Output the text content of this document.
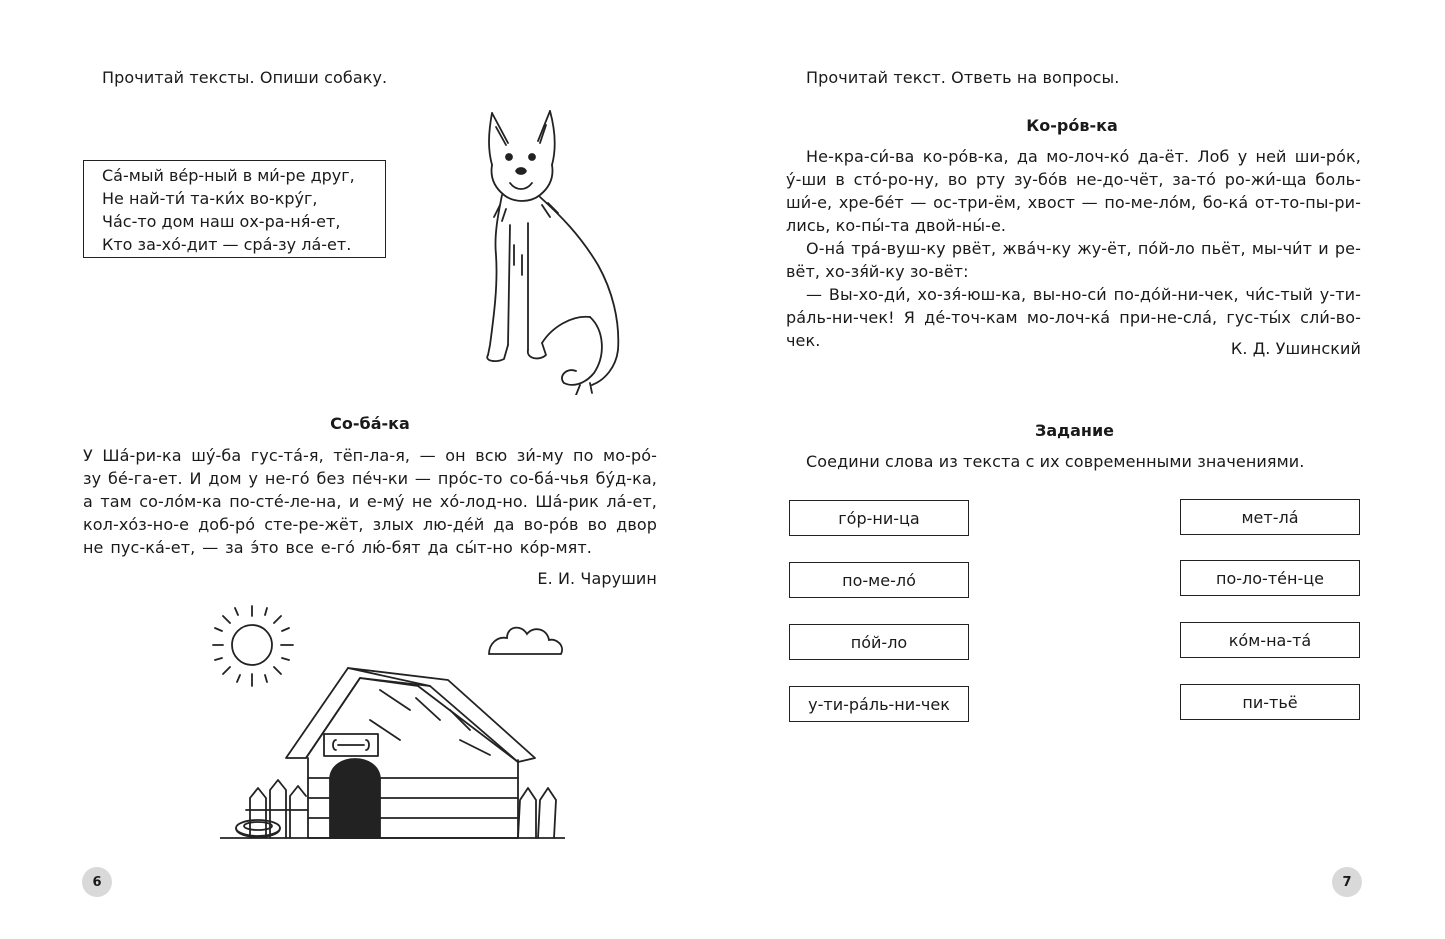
Прочитай тексты. Опиши собаку.
Са́-мый ве́р-ный в ми́-ре друг,
Не най-ти́ та-ки́х во-кру́г,
Ча́с-то дом наш ох-ра-ня́-ет,
Кто за-хо́-дит — сра́-зу ла́-ет.
Со-ба́-ка
У Ша́-ри-ка шу́-ба гус-та́-я, тёп-ла-я, — он всю зи́-му по мо-ро́-
зу бе́-га-ет. И дом у не-го́ без пе́ч-ки — про́с-то со-ба́-чья бу́д-ка,
а там со-ло́м-ка по-сте́-ле-на, и е-му́ не хо́-лод-но. Ша́-рик ла́-ет,
кол-хо́з-но-е доб-ро́ сте-ре-жёт, злых лю-де́й да во-ро́в во двор
не пус-ка́-ет, — за э́то все е-го́ лю́-бят да сы́т-но ко́р-мят.
Е. И. Чарушин
6
Прочитай текст. Ответь на вопросы.
Ко-ро́в-ка
Не-кра-си́-ва ко-ро́в-ка, да мо-лоч-ко́ да-ёт. Лоб у ней ши-ро́к,
у́-ши в сто́-ро-ну, во рту зу-бо́в не-до-чёт, за-то́ ро-жи́-ща боль-
ши́-е, хре-бе́т — ос-три-ём, хвост — по-ме-ло́м, бо-ка́ от-то-пы-ри-
лись, ко-пы́-та двой-ны́-е.
О-на́ тра́-вуш-ку рвёт, жва́ч-ку жу-ёт, по́й-ло пьёт, мы-чи́т и ре-
вёт, хо-зя́й-ку зо-вёт:
— Вы-хо-ди́, хо-зя́-юш-ка, вы-но-си́ по-до́й-ни-чек, чи́с-тый у-ти-
ра́ль-ни-чек! Я де́-точ-кам мо-лоч-ка́ при-не-сла́, гус-ты́х сли́-во-чек.	К. Д. Ушинский
Задание
Соедини слова из текста с их современными значениями.
го́р-ни-ца
по-ме-ло́
по́й-ло
у-ти-ра́ль-ни-чек
мет-ла́
по-ло-те́н-це
ко́м-на-та́
пи-тьё
7
